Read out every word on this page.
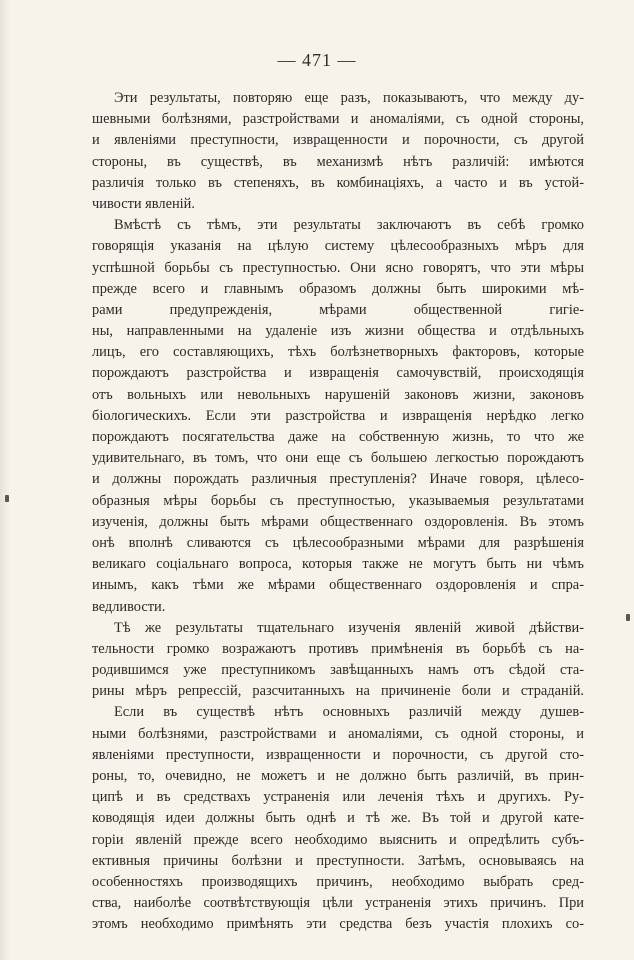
— 471 —
Эти результаты, повторяю еще разъ, показываютъ, что между ду-
шевными болѣзнями, разстройствами и аномаліями, съ одной стороны,
и явленіями преступности, извращенности и порочности, съ другой
стороны, въ существѣ, въ механизмѣ нѣтъ различій: имѣются
различія только въ степеняхъ, въ комбинаціяхъ, а часто и въ устой-
чивости явленій.
Вмѣстѣ съ тѣмъ, эти результаты заключаютъ въ себѣ громко
говорящія указанія на цѣлую систему цѣлесообразныхъ мѣръ для
успѣшной борьбы съ преступностью. Они ясно говорятъ, что эти мѣры
прежде всего и главнымъ образомъ должны быть широкими мѣ-
рами предупрежденія, мѣрами общественной гигіе-
ны, направленными на удаленіе изъ жизни общества и отдѣльныхъ
лицъ, его составляющихъ, тѣхъ болѣзнетворныхъ факторовъ, которые
порождаютъ разстройства и извращенія самочувствій, происходящія
отъ вольныхъ или невольныхъ нарушеній законовъ жизни, законовъ
біологическихъ. Если эти разстройства и извращенія нерѣдко легко
порождаютъ посягательства даже на собственную жизнь, то что же
удивительнаго, въ томъ, что они еще съ большею легкостью порождаютъ
и должны порождать различныя преступленія? Иначе говоря, цѣлесо-
образныя мѣры борьбы съ преступностью, указываемыя результатами
изученія, должны быть мѣрами общественнаго оздоровленія. Въ этомъ
онѣ вполнѣ сливаются съ цѣлесообразными мѣрами для разрѣшенія
великаго соціальнаго вопроса, которыя также не могутъ быть ни чѣмъ
инымъ, какъ тѣми же мѣрами общественнаго оздоровленія и спра-
ведливости.
Тѣ же результаты тщательнаго изученія явленій живой дѣйстви-
тельности громко возражаютъ противъ примѣненія въ борьбѣ съ на-
родившимся уже преступникомъ завѣщанныхъ намъ отъ сѣдой ста-
рины мѣръ репрессій, разсчитанныхъ на причиненіе боли и страданій.
Если въ существѣ нѣтъ основныхъ различій между душев-
ными болѣзнями, разстройствами и аномаліями, съ одной стороны, и
явленіями преступности, извращенности и порочности, съ другой сто-
роны, то, очевидно, не можетъ и не должно быть различій, въ прин-
ципѣ и въ средствахъ устраненія или леченія тѣхъ и другихъ. Ру-
ководящія идеи должны быть однѣ и тѣ же. Въ той и другой кате-
горіи явленій прежде всего необходимо выяснить и опредѣлить субъ-
ективныя причины болѣзни и преступности. Затѣмъ, основываясь на
особенностяхъ производящихъ причинъ, необходимо выбрать сред-
ства, наиболѣе соотвѣтствующія цѣли устраненія этихъ причинъ. При
этомъ необходимо примѣнять эти средства безъ участія плохихъ со-
